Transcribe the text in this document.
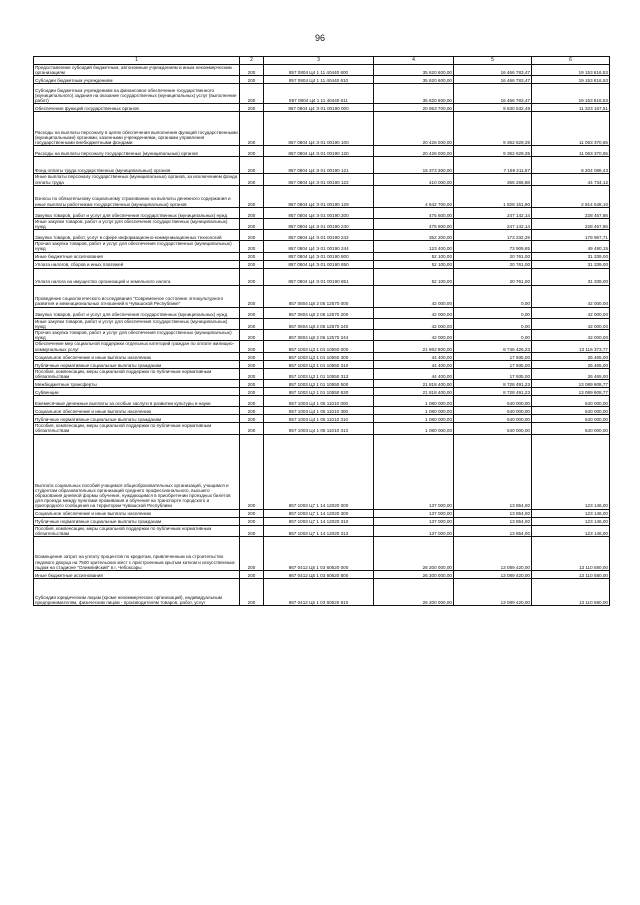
96
1	2	3	4	5	6
Предоставление субсидий бюджетным, автономным учреждениям и иным некоммерческим организациям	200	857 0804 Ц4 1 11 40440 600	35 620 600,00	16 466 783,47	19 153 816,53
Субсидии бюджетным учреждениям	200	857 0804 Ц4 1 11 40440 610	35 620 600,00	16 466 783,47	19 153 816,53
Субсидии бюджетным учреждениям на финансовое обеспечение государственного (муниципального) задания на оказание государственных (муниципальных) услуг (выполнение работ)	200	857 0804 Ц4 1 11 40440 611	35 620 600,00	16 466 783,47	19 153 816,53
Обеспечение функций государственных органов	200	857 0804 Ц4 Э 01 00190 000	20 953 700,00	9 630 532,49	11 323 167,51
Расходы на выплаты персоналу в целях обеспечения выполнения функций государственными (муниципальными) органами, казенными учреждениями, органами управления государственными внебюджетными фондами	200	857 0804 Ц4 Э 01 00190 100	20 426 000,00	9 362 629,35	11 063 370,65
Расходы на выплаты персоналу государственных (муниципальных) органов	200	857 0804 Ц4 Э 01 00190 120	20 426 000,00	9 362 629,35	11 063 370,65
Фонд оплаты труда государственных (муниципальных) органов	200	857 0804 Ц4 Э 01 00190 121	15 373 300,00	7 169 211,57	8 204 088,43
Иные выплаты персоналу государственных (муниципальных) органов, за исключением фонда оплаты труда	200	857 0804 Ц4 Э 01 00190 122	410 000,00	365 265,88	44 734,12
Взносы по обязательному социальному страхованию на выплаты денежного содержания и иные выплаты работникам государственных (муниципальных) органов	200	857 0804 Ц4 Э 01 00190 129	4 642 700,00	1 828 151,90	2 814 548,10
Закупка товаров, работ и услуг для обеспечения государственных (муниципальных) нужд	200	857 0804 Ц4 Э 01 00190 200	475 600,00	247 142,14	228 457,86
Иные закупки товаров, работ и услуг для обеспечения государственных (муниципальных) нужд	200	857 0804 Ц4 Э 01 00190 240	475 600,00	247 142,14	228 457,86
Закупка товаров, работ, услуг в сфере информационно-коммуникационных технологий	200	857 0804 Ц4 Э 01 00190 242	352 200,00	173 232,29	178 967,71
Прочая закупка товаров, работ и услуг для обеспечения государственных (муниципальных) нужд	200	857 0804 Ц4 Э 01 00190 244	123 400,00	73 909,85	49 490,15
Иные бюджетные ассигнования	200	857 0804 Ц4 Э 01 00190 800	52 100,00	20 761,00	31 339,00
Уплата налогов, сборов и иных платежей	200	857 0804 Ц4 Э 01 00190 850	52 100,00	20 761,00	31 339,00
Уплата налога на имущество организаций и земельного налога	200	857 0804 Ц4 Э 01 00190 851	52 100,00	20 761,00	31 339,00
Проведение социологического исследования "Современное состояние этнокультурного развития и межнациональных отношений в Чувашской Республике"	200	857 0804 Ц8 2 05 12570 000	42 000,00	0,00	42 000,00
Закупка товаров, работ и услуг для обеспечения государственных (муниципальных) нужд	200	857 0804 Ц8 2 05 12570 200	42 000,00	0,00	42 000,00
Иные закупки товаров, работ и услуг для обеспечения государственных (муниципальных) нужд	200	857 0804 Ц8 2 05 12570 240	42 000,00	0,00	42 000,00
Прочая закупка товаров, работ и услуг для обеспечения государственных (муниципальных) нужд	200	857 0804 Ц8 2 05 12570 244	42 000,00	0,00	42 000,00
Обеспечение мер социальной поддержки отдельных категорий граждан по оплате жилищно-коммунальных услуг	200	857 1003 Ц3 1 01 10550 000	21 862 800,00	8 746 426,23	13 116 373,77
Социальное обеспечение и иные выплаты населению	200	857 1003 Ц3 1 01 10550 300	44 400,00	17 935,00	26 465,00
Публичные нормативные социальные выплаты гражданам	200	857 1003 Ц3 1 01 10550 310	44 400,00	17 935,00	26 465,00
Пособия, компенсации, меры социальной поддержки по публичным нормативным обязательствам	200	857 1003 Ц3 1 01 10550 313	44 400,00	17 935,00	26 465,00
Межбюджетные трансферты	200	857 1003 Ц3 1 01 10550 500	21 818 400,00	8 728 491,23	13 089 908,77
Субвенции	200	857 1003 Ц3 1 01 10550 530	21 818 400,00	8 728 491,23	13 089 908,77
Ежемесячные денежные выплаты за особые заслуги в развитии культуры и науки	200	857 1003 Ц4 1 05 11010 000	1 080 000,00	540 000,00	540 000,00
Социальное обеспечение и иные выплаты населению	200	857 1003 Ц4 1 05 11010 300	1 080 000,00	540 000,00	540 000,00
Публичные нормативные социальные выплаты гражданам	200	857 1003 Ц4 1 05 11010 310	1 080 000,00	540 000,00	540 000,00
Пособия, компенсации, меры социальной поддержки по публичным нормативным обязательствам	200	857 1003 Ц4 1 05 11010 313	1 080 000,00	540 000,00	540 000,00
Выплата социальных пособий учащимся общеобразовательных организаций, учащимся и студентам образовательных организаций среднего профессионального, высшего образования дневной формы обучения, нуждающимся в приобретении проездных билетов для проезда между пунктами проживания и обучения на транспорте городского и пригородного сообщения на территории Чувашской Республики	200	857 1003 Ц7 1 14 12020 000	137 000,00	13 854,00	123 146,00
Социальное обеспечение и иные выплаты населению	200	857 1003 Ц7 1 14 12020 300	137 000,00	13 854,00	123 146,00
Публичные нормативные социальные выплаты гражданам	200	857 1003 Ц7 1 14 12020 310	137 000,00	13 854,00	123 146,00
Пособия, компенсации, меры социальной поддержки по публичным нормативным обязательствам	200	857 1003 Ц7 1 14 12020 313	137 000,00	13 854,00	123 146,00
Возмещение затрат на уплату процентов по кредитам, привлеченным на строительство ледового дворца на 7500 зрительских мест с пристроенным крытым катком и искусственным льдом на стадионе "Олимпийский" в г. Чебоксары	200	867 0412 Ц5 1 03 60620 000	26 200 000,00	13 089 420,00	13 110 580,00
Иные бюджетные ассигнования	200	867 0412 Ц5 1 03 60620 800	26 200 000,00	13 089 420,00	13 110 580,00
Субсидии юридическим лицам (кроме некоммерческих организаций), индивидуальным предпринимателям, физическим лицам - производителям товаров, работ, услуг	200	867 0412 Ц5 1 03 60620 810	26 200 000,00	13 089 420,00	13 110 580,00
